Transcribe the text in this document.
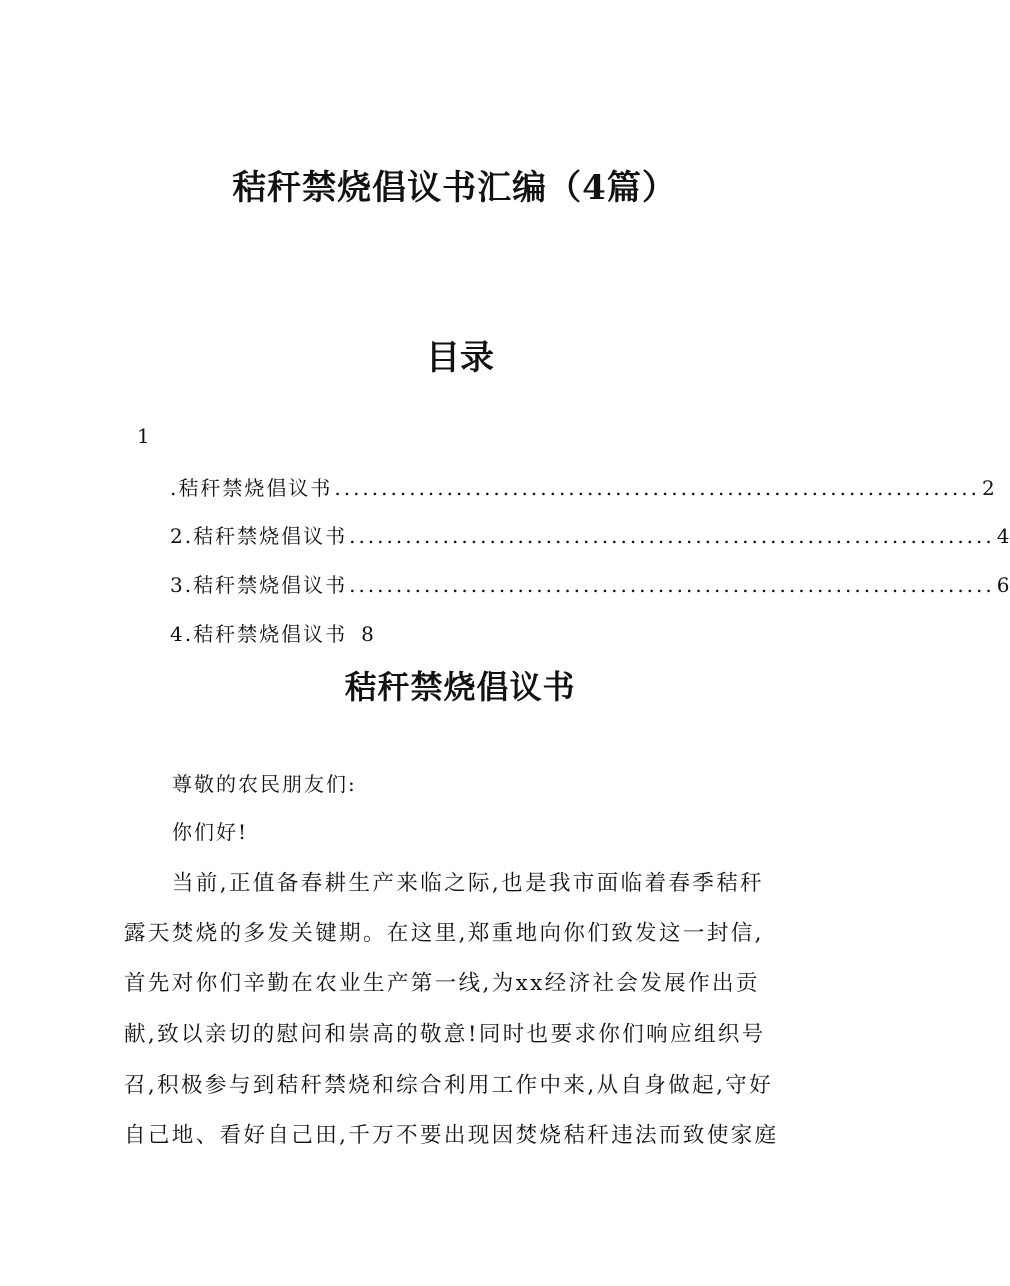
秸秆禁烧倡议书汇编（4篇）
目录
1
.秸秆禁烧倡议书 ..................................................................... 2
2.秸秆禁烧倡议书 ..................................................................... 4
3.秸秆禁烧倡议书 ..................................................................... 6
4.秸秆禁烧倡议书 8
秸秆禁烧倡议书
尊敬的农民朋友们:
你们好!
当前,正值备春耕生产来临之际,也是我市面临着春季秸秆
露天焚烧的多发关键期。在这里,郑重地向你们致发这一封信,
首先对你们辛勤在农业生产第一线,为xx经济社会发展作出贡
献,致以亲切的慰问和崇高的敬意!同时也要求你们响应组织号
召,积极参与到秸秆禁烧和综合利用工作中来,从自身做起,守好
自己地、看好自己田,千万不要出现因焚烧秸秆违法而致使家庭
